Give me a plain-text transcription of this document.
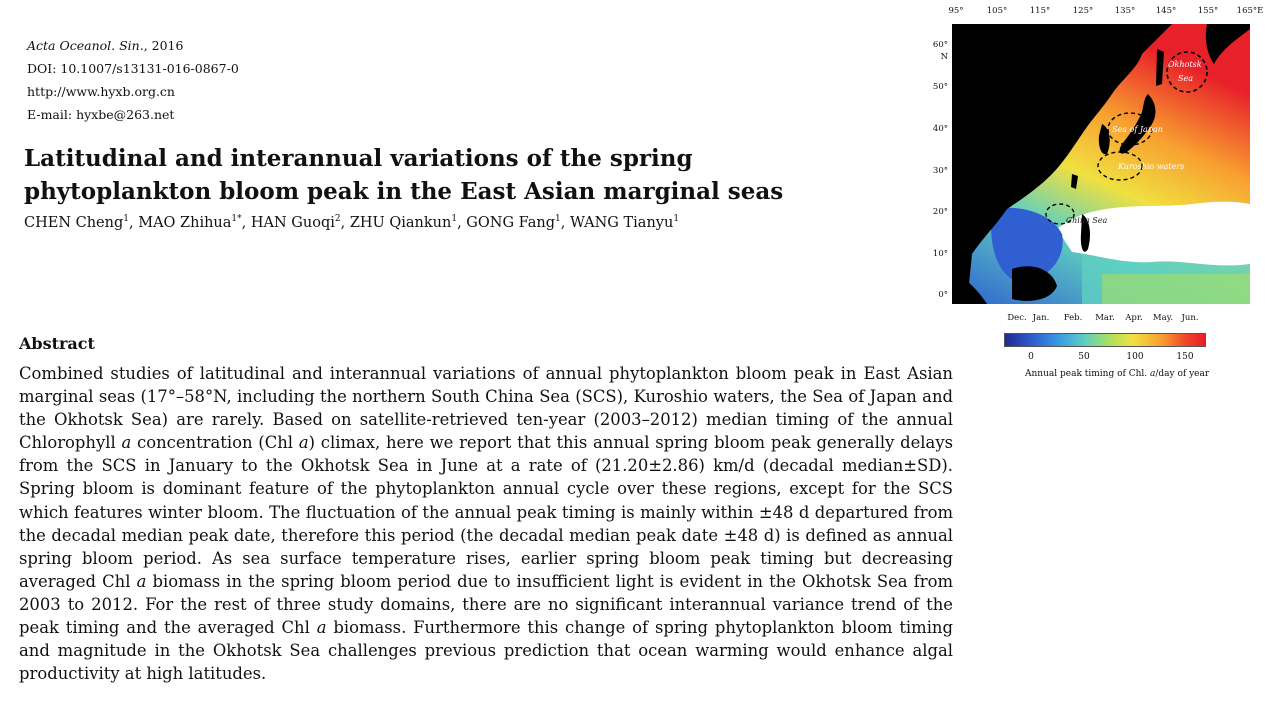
Acta Oceanol. Sin., 2016
DOI: 10.1007/s13131-016-0867-0
http://www.hyxb.org.cn
E-mail: hyxbe@263.net
Latitudinal and interannual variations of the spring
phytoplankton bloom peak in the East Asian marginal seas
CHEN Cheng$^1$, MAO Zhihua$^{1*}$, HAN Guoqi$^2$, ZHU Qiankun$^1$, GONG Fang$^1$, WANG Tianyu$^1$
Abstract
Combined studies of latitudinal and interannual variations of annual phytoplankton bloom peak in East Asian marginal seas (17°–58°N, including the northern South China Sea (SCS), Kuroshio waters, the Sea of Japan and the Okhotsk Sea) are rarely. Based on satellite-retrieved ten-year (2003–2012) median timing of the annual Chlorophyll a concentration (Chl a) climax, here we report that this annual spring bloom peak generally delays from the SCS in January to the Okhotsk Sea in June at a rate of (21.20±2.86) km/d (decadal median±SD). Spring bloom is dominant feature of the phytoplankton annual cycle over these regions, except for the SCS which features winter bloom. The fluctuation of the annual peak timing is mainly within ±48 d departured from the decadal median peak date, therefore this period (the decadal median peak date ±48 d) is defined as annual spring bloom period. As sea surface temperature rises, earlier spring bloom peak timing but decreasing averaged Chl a biomass in the spring bloom period due to insufficient light is evident in the Okhotsk Sea from 2003 to 2012. For the rest of three study domains, there are no significant interannual variance trend of the peak timing and the averaged Chl a biomass. Furthermore this change of spring phytoplankton bloom timing and magnitude in the Okhotsk Sea challenges previous prediction that ocean warming would enhance algal productivity at high latitudes.
95°	105°	115°	125°	135° 145°	155° 165°E
60°
N
50°
40°
30°
20°
10°
0°
Okhotsk
Sea
Sea of Japan
Kuroshio waters
China Sea
Dec. Jan. Feb. Mar. Apr. May. Jun.
0	50	100	150
Annual peak timing of Chl. a/day of year
